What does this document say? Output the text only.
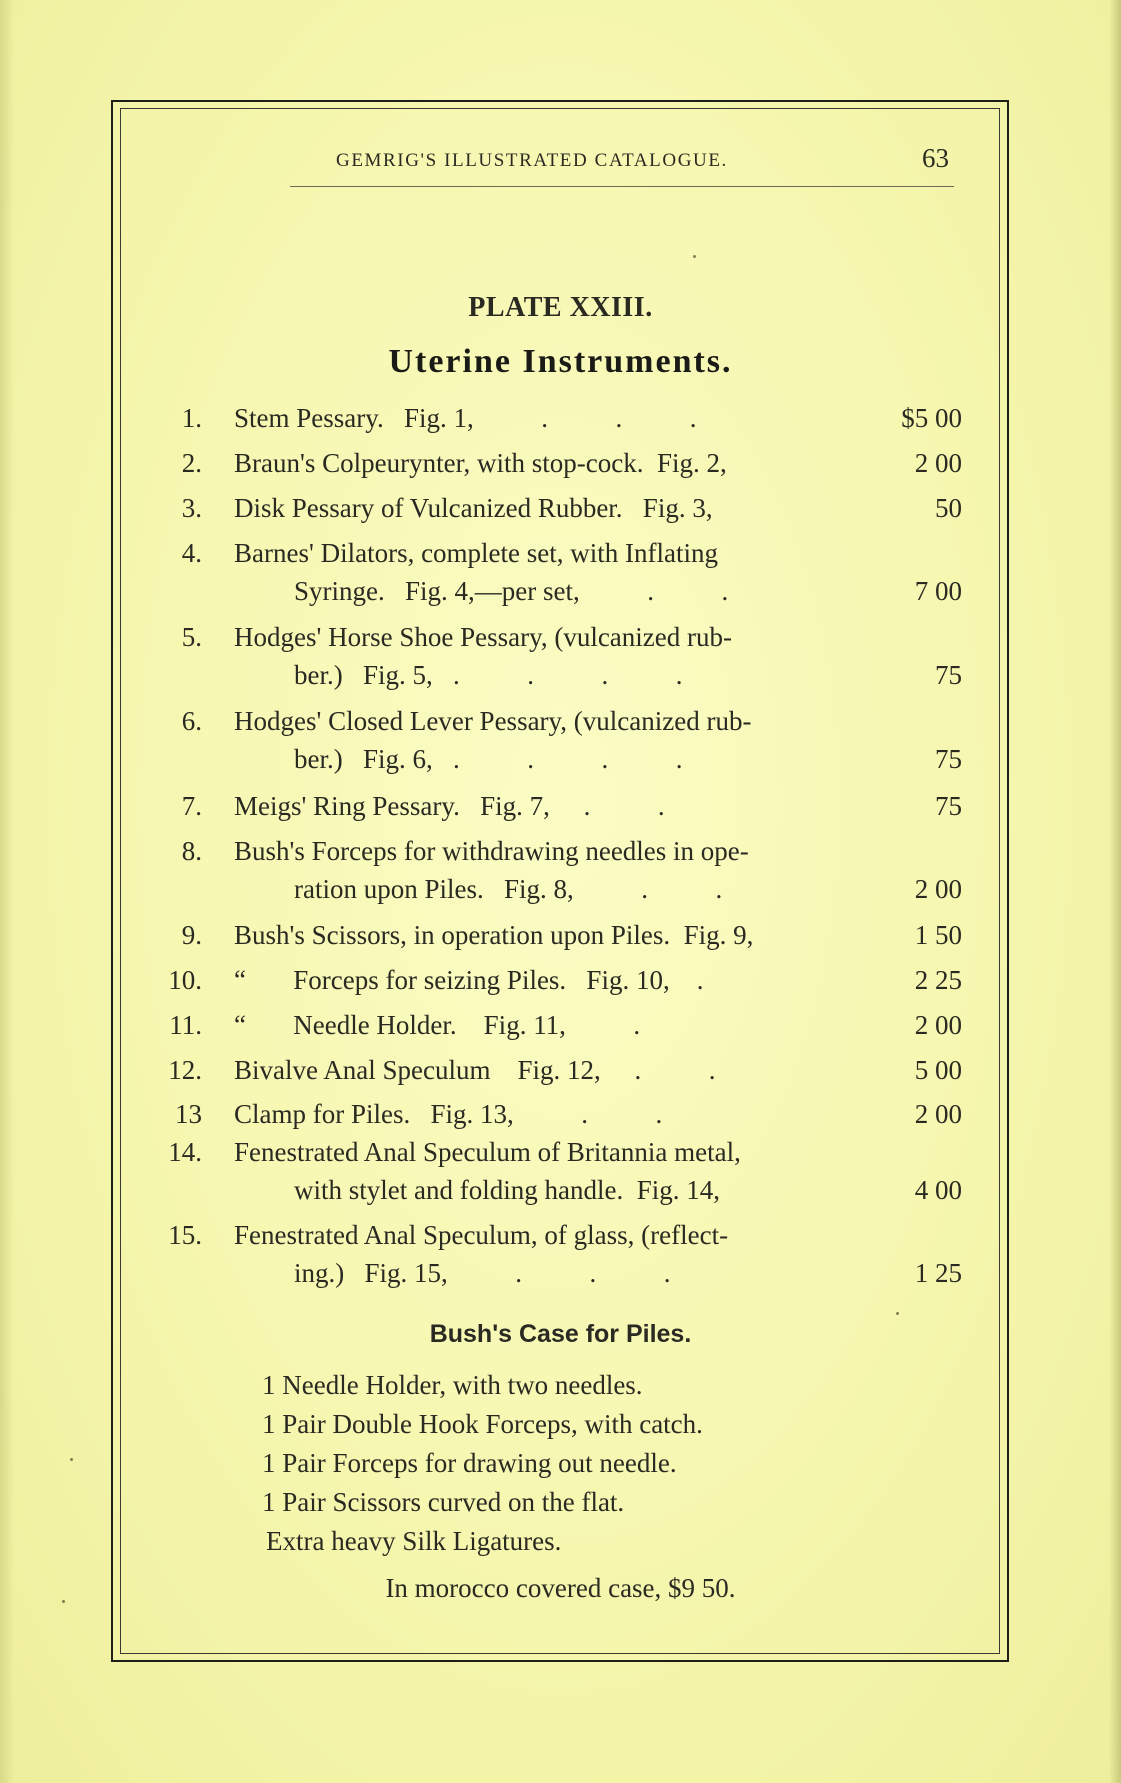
GEMRIG'S ILLUSTRATED CATALOGUE.	63
PLATE XXIII.
Uterine Instruments.
1. Stem Pessary.   Fig. 1,          .          .          .	$5 00
2. Braun's Colpeurynter, with stop-cock.  Fig. 2,	2 00
3. Disk Pessary of Vulcanized Rubber.   Fig. 3,	50
4. Barnes' Dilators, complete set, with Inflating
Syringe.   Fig. 4,—per set,          .          .	7 00
5. Hodges' Horse Shoe Pessary, (vulcanized rub-
ber.)   Fig. 5,   .          .          .          .	75
6. Hodges' Closed Lever Pessary, (vulcanized rub-
ber.)   Fig. 6,   .          .          .          .	75
7. Meigs' Ring Pessary.   Fig. 7,     .          .	75
8. Bush's Forceps for withdrawing needles in ope-
ration upon Piles.   Fig. 8,          .          .	2 00
9. Bush's Scissors, in operation upon Piles.  Fig. 9,	1 50
10. “       Forceps for seizing Piles.   Fig. 10,    .	2 25
11. “       Needle Holder.    Fig. 11,          .	2 00
12. Bivalve Anal Speculum    Fig. 12,     .          .	5 00
13 Clamp for Piles.   Fig. 13,          .          .	2 00
14. Fenestrated Anal Speculum of Britannia metal,
with stylet and folding handle.  Fig. 14,	4 00
15. Fenestrated Anal Speculum, of glass, (reflect-
ing.)   Fig. 15,          .          .          .	1 25
Bush's Case for Piles.
1 Needle Holder, with two needles.
1 Pair Double Hook Forceps, with catch.
1 Pair Forceps for drawing out needle.
1 Pair Scissors curved on the flat.
Extra heavy Silk Ligatures.
In morocco covered case, $9 50.
